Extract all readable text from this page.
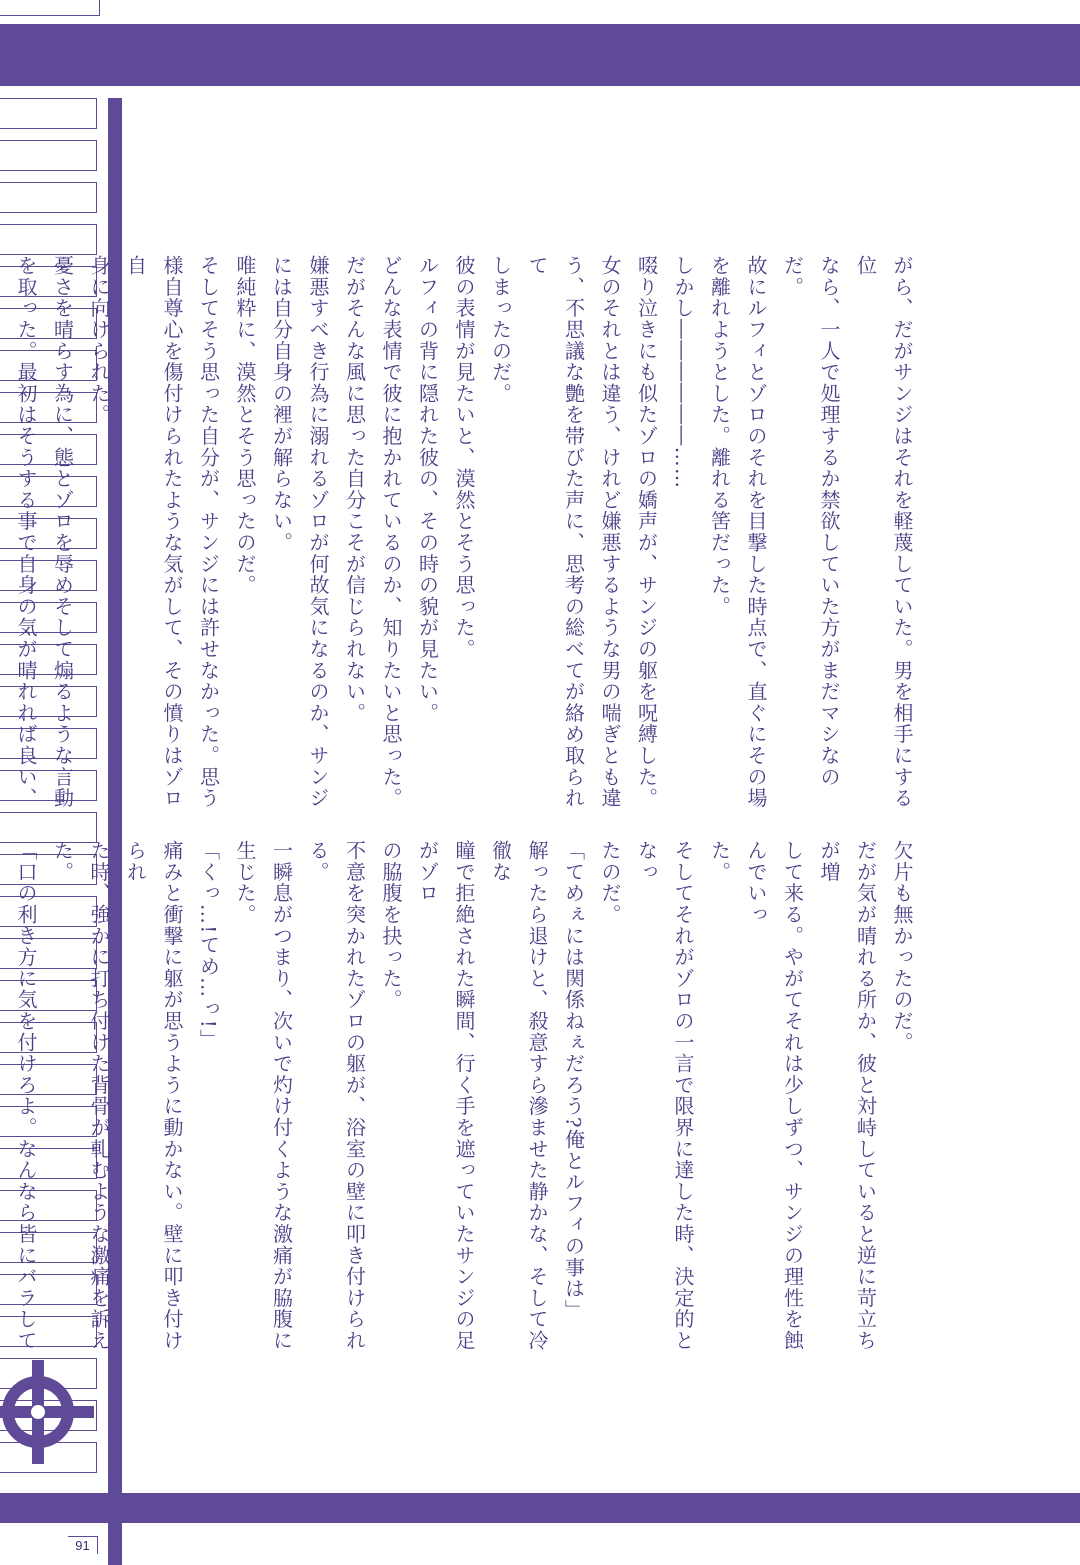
91

がら、だがサンジはそれを軽蔑していた。男を相手にする位

なら、一人で処理するか禁欲していた方がまだマシなのだ。

故にルフィとゾロのそれを目撃した時点で、直ぐにその場

を離れようとした。離れる筈だった。

しかし――――――……

啜り泣きにも似たゾロの嬌声が、サンジの躯を呪縛した。

女のそれとは違う、けれど嫌悪するような男の喘ぎとも違

う、不思議な艶を帯びた声に、思考の総べてが絡め取られて

しまったのだ。

彼の表情が見たいと、漠然とそう思った。

ルフィの背に隠れた彼の、その時の貌が見たい。

どんな表情で彼に抱かれているのか、知りたいと思った。

だがそんな風に思った自分こそが信じられない。

嫌悪すべき行為に溺れるゾロが何故気になるのか、サンジ

には自分自身の裡が解らない。

唯純粋に、漠然とそう思ったのだ。

そしてそう思った自分が、サンジには許せなかった。思う

様自尊心を傷付けられたような気がして、その憤りはゾロ自

身に向けられた。

憂さを晴らす為に、態とゾロを辱めそして煽るような言動

を取った。最初はそうする事で自身の気が晴れれば良い、

欠片も無かったのだ。

だが気が晴れる所か、彼と対峙していると逆に苛立ちが増

して来る。やがてそれは少しずつ、サンジの理性を蝕んでいっ

た。

そしてそれがゾロの一言で限界に達した時、決定的となっ

たのだ。

「てめぇには関係ねぇだろう?俺とルフィの事は」

解ったら退けと、殺意すら滲ませた静かな、そして冷徹な

瞳で拒絶された瞬間、行く手を遮っていたサンジの足がゾロ

の脇腹を抉った。

不意を突かれたゾロの躯が、浴室の壁に叩き付けられる。

一瞬息がつまり、次いで灼け付くような激痛が脇腹に生じた。

「くっ…!てめ…っ!」

痛みと衝撃に躯が思うように動かない。壁に叩き付けられ

た時、強かに打ち付けた背骨が軋むような激痛を訴えた。

「口の利き方に気を付けろよ。なんなら皆にバラして
